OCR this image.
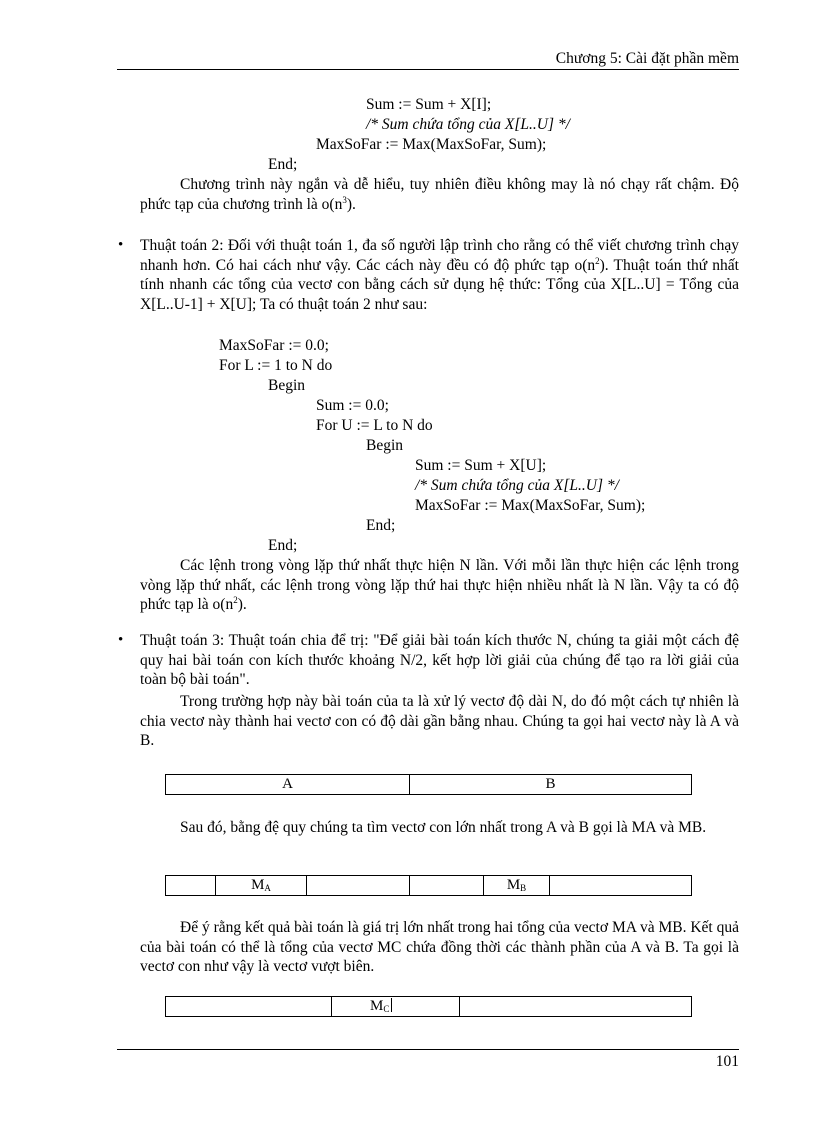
Chương 5: Cài đặt phần mềm
Sum := Sum + X[I];
/* Sum chứa tổng của X[L..U] */
MaxSoFar := Max(MaxSoFar, Sum);
End;
Chương trình này ngắn và dễ hiểu, tuy nhiên điều không may là nó chạy rất chậm. Độ phức tạp của chương trình là $o(n^3)$.
• Thuật toán 2: Đối với thuật toán 1, đa số người lập trình cho rằng có thể viết chương trình chạy nhanh hơn. Có hai cách như vậy. Các cách này đều có độ phức tạp $o(n^2)$. Thuật toán thứ nhất tính nhanh các tổng của vectơ con bằng cách sử dụng hệ thức: Tổng của X[L..U] = Tổng của X[L..U-1] + X[U]; Ta có thuật toán 2 như sau:
MaxSoFar := 0.0;
For L := 1 to N do
Begin
Sum := 0.0;
For U := L to N do
Begin
Sum := Sum + X[U];
/* Sum chứa tổng của X[L..U] */
MaxSoFar := Max(MaxSoFar, Sum);
End;
End;
Các lệnh trong vòng lặp thứ nhất thực hiện N lần. Với mỗi lần thực hiện các lệnh trong vòng lặp thứ nhất, các lệnh trong vòng lặp thứ hai thực hiện nhiều nhất là N lần. Vậy ta có độ phức tạp là $o(n^2)$.
• Thuật toán 3: Thuật toán chia để trị: "Để giải bài toán kích thước N, chúng ta giải một cách đệ quy hai bài toán con kích thước khoảng N/2, kết hợp lời giải của chúng để tạo ra lời giải của toàn bộ bài toán".
Trong trường hợp này bài toán của ta là xử lý vectơ độ dài N, do đó một cách tự nhiên là chia vectơ này thành hai vectơ con có độ dài gần bằng nhau. Chúng ta gọi hai vectơ này là A và B.
A	B
Sau đó, bằng đệ quy chúng ta tìm vectơ con lớn nhất trong A và B gọi là MA và MB.
$M_A$	$M_B$
Để ý rằng kết quả bài toán là giá trị lớn nhất trong hai tổng của vectơ MA và MB. Kết quả của bài toán có thể là tổng của vectơ MC chứa đồng thời các thành phần của A và B. Ta gọi là vectơ con như vậy là vectơ vượt biên.
$M_C$
101
